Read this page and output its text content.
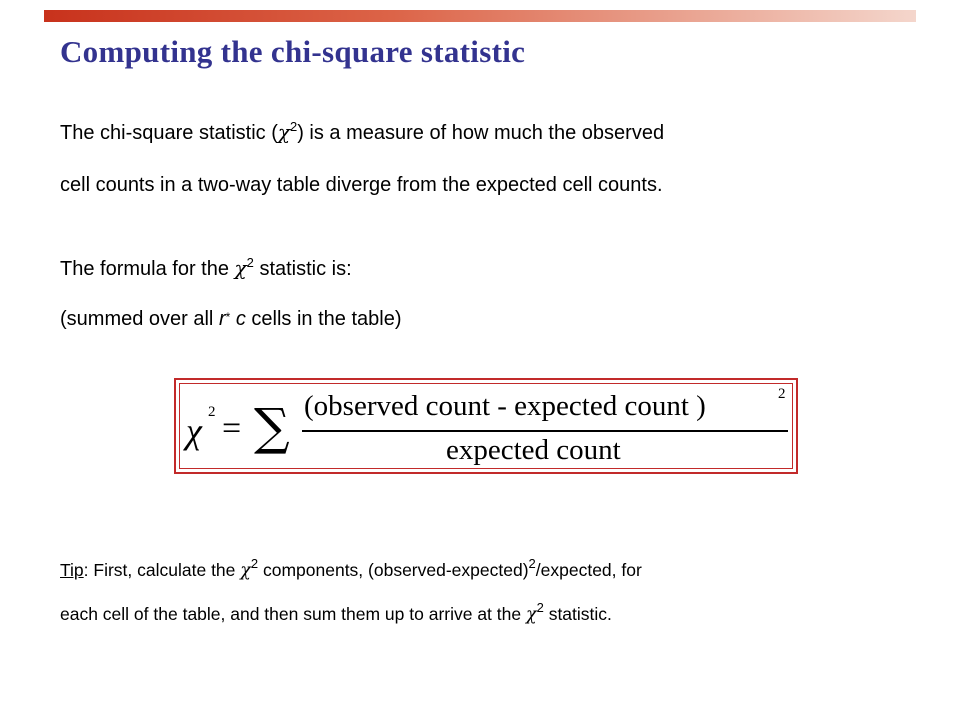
Computing the chi-square statistic
The chi-square statistic $(\chi^2)$ is a measure of how much the observed
cell counts in a two-way table diverge from the expected cell counts.
The formula for the $\chi^2$ statistic is:
(summed over all r* c cells in the table)
χ 2 = ∑ (observed count - expected count )	2
expected count
Tip: First, calculate the $\chi^2$ components, (observed-expected)$^2$/expected, for
each cell of the table, and then sum them up to arrive at the $\chi^2$ statistic.
